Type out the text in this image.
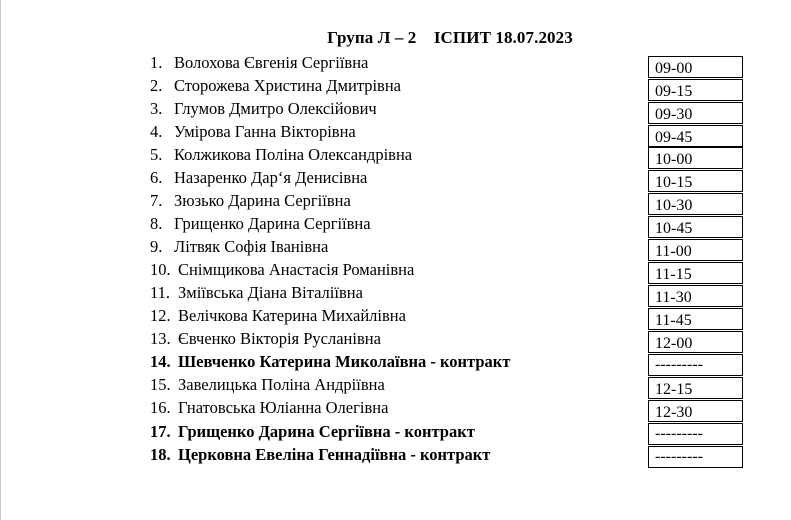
Група Л – 2 ІСПИТ 18.07.2023
1. Волохова Євгенія Сергіївна
2. Сторожева Христина Дмитрівна
3. Глумов Дмитро Олексійович
4. Умірова Ганна Вікторівна
5. Колжикова Поліна Олександрівна
6. Назаренко Дар‘я Денисівна
7. Зюзько Дарина Сергіївна
8. Грищенко Дарина Сергіївна
9. Літвяк Софія Іванівна
10. Снімщикова Анастасія Романівна
11. Зміївська Діана Віталіївна
12. Велічкова Катерина Михайлівна
13. Євченко Вікторія Русланівна
14. Шевченко Катерина Миколаївна - контракт
15. Завелицька Поліна Андріївна
16. Гнатовська Юліанна Олегівна
17. Грищенко Дарина Сергіївна - контракт
18. Церковна Евеліна Геннадіївна - контракт
09-00
09-15
09-30
09-45
10-00
10-15
10-30
10-45
11-00
11-15
11-30
11-45
12-00
---------
12-15
12-30
---------
---------
